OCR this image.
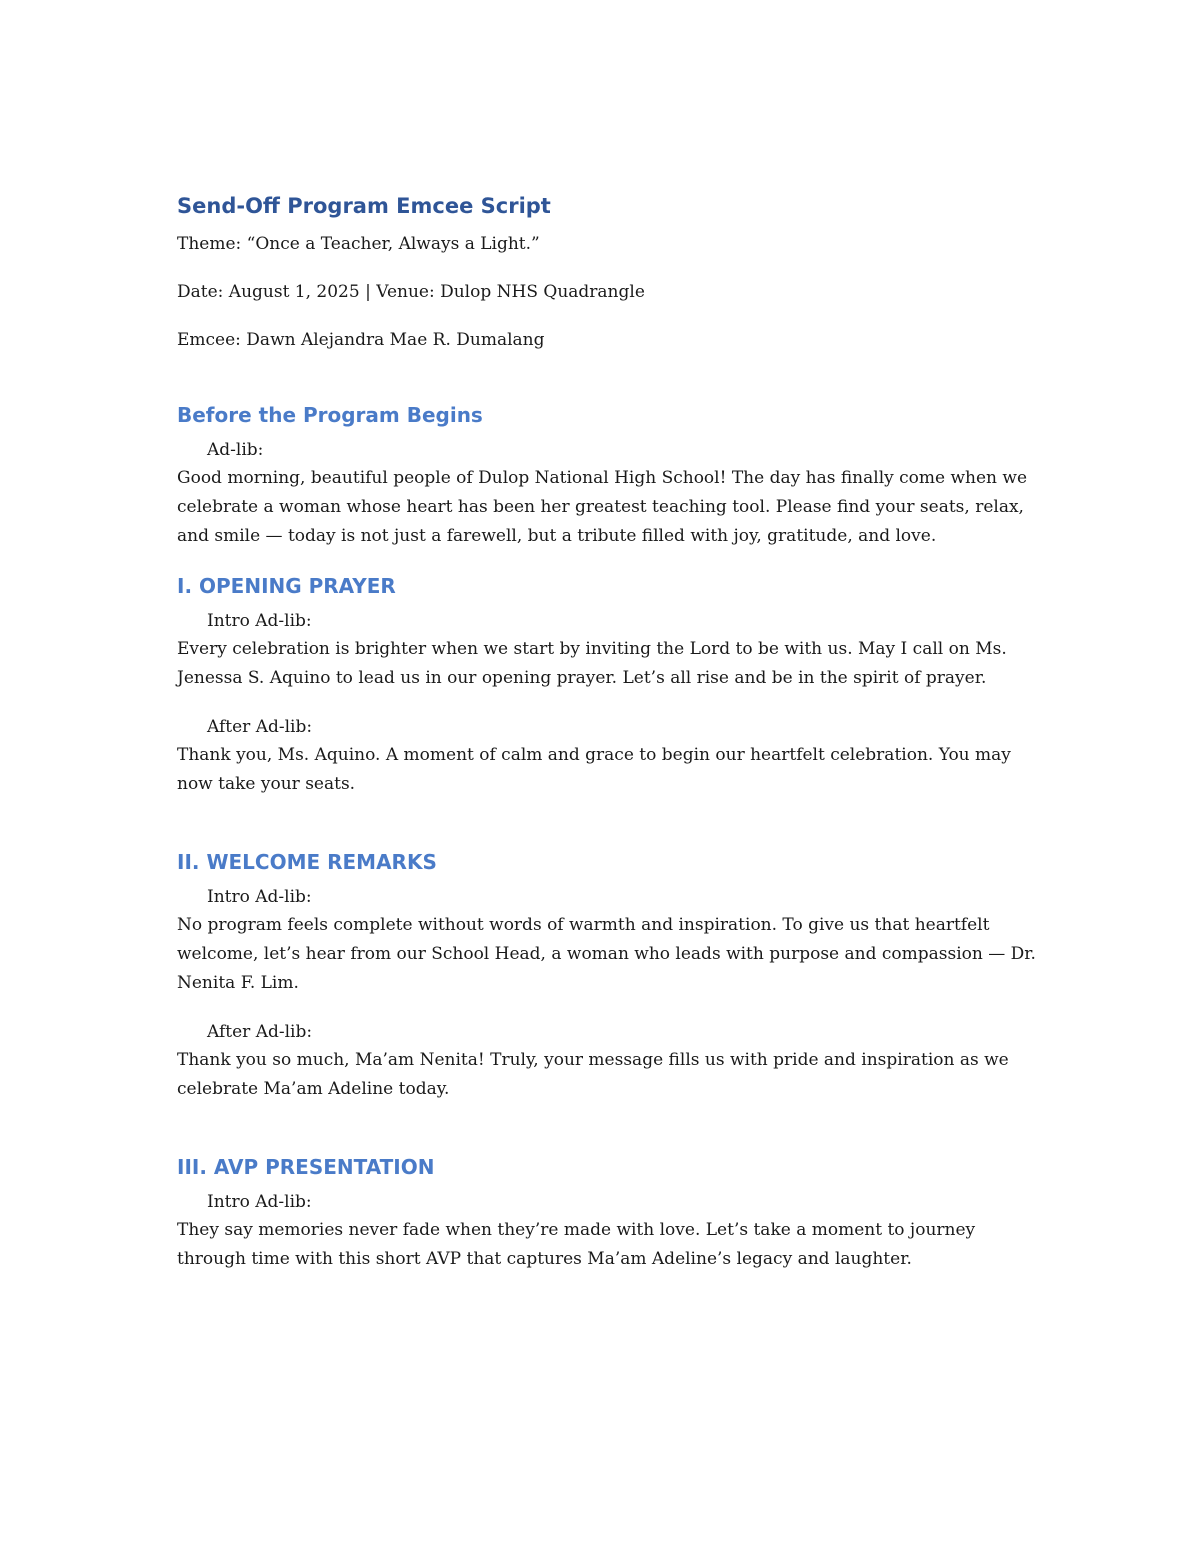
Send-Off Program Emcee Script

Theme: “Once a Teacher, Always a Light.”

Date: August 1, 2025 | Venue: Dulop NHS Quadrangle

Emcee: Dawn Alejandra Mae R. Dumalang

Before the Program Begins

Ad-lib:

Good morning, beautiful people of Dulop National High School! The day has finally come when we celebrate a woman whose heart has been her greatest teaching tool. Please find your seats, relax, and smile — today is not just a farewell, but a tribute filled with joy, gratitude, and love.

I. OPENING PRAYER

Intro Ad-lib:

Every celebration is brighter when we start by inviting the Lord to be with us. May I call on Ms. Jenessa S. Aquino to lead us in our opening prayer. Let’s all rise and be in the spirit of prayer.

After Ad-lib:

Thank you, Ms. Aquino. A moment of calm and grace to begin our heartfelt celebration. You may now take your seats.

II. WELCOME REMARKS

Intro Ad-lib:

No program feels complete without words of warmth and inspiration. To give us that heartfelt welcome, let’s hear from our School Head, a woman who leads with purpose and compassion — Dr. Nenita F. Lim.

After Ad-lib:

Thank you so much, Ma’am Nenita! Truly, your message fills us with pride and inspiration as we celebrate Ma’am Adeline today.

III. AVP PRESENTATION

Intro Ad-lib:

They say memories never fade when they’re made with love. Let’s take a moment to journey through time with this short AVP that captures Ma’am Adeline’s legacy and laughter.
